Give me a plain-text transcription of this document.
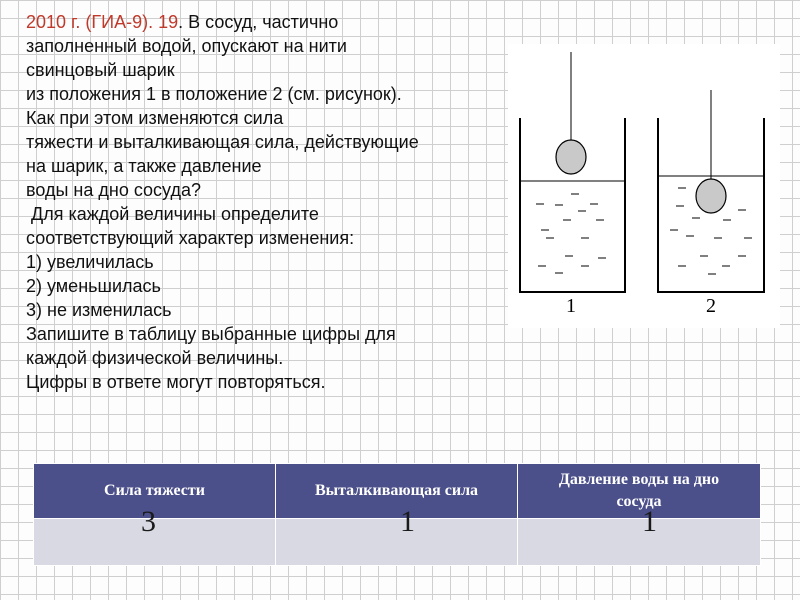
2010 г. (ГИА-9). 19. В сосуд, частично
заполненный водой, опускают на нити
свинцовый шарик
из положения 1 в положение 2 (см. рисунок).
Как при этом изменяются сила
тяжести и выталкивающая сила, действующие
на шарик, а также давление
воды на дно сосуда?
Для каждой величины определите
соответствующий характер изменения:
1) увеличилась
2) уменьшилась
3) не изменилась
Запишите в таблицу выбранные цифры для
каждой физической величины.
Цифры в ответе могут повторяться.
1	2
Сила тяжести	Выталкивающая сила	Давление воды на дно сосуда

3	1	1
